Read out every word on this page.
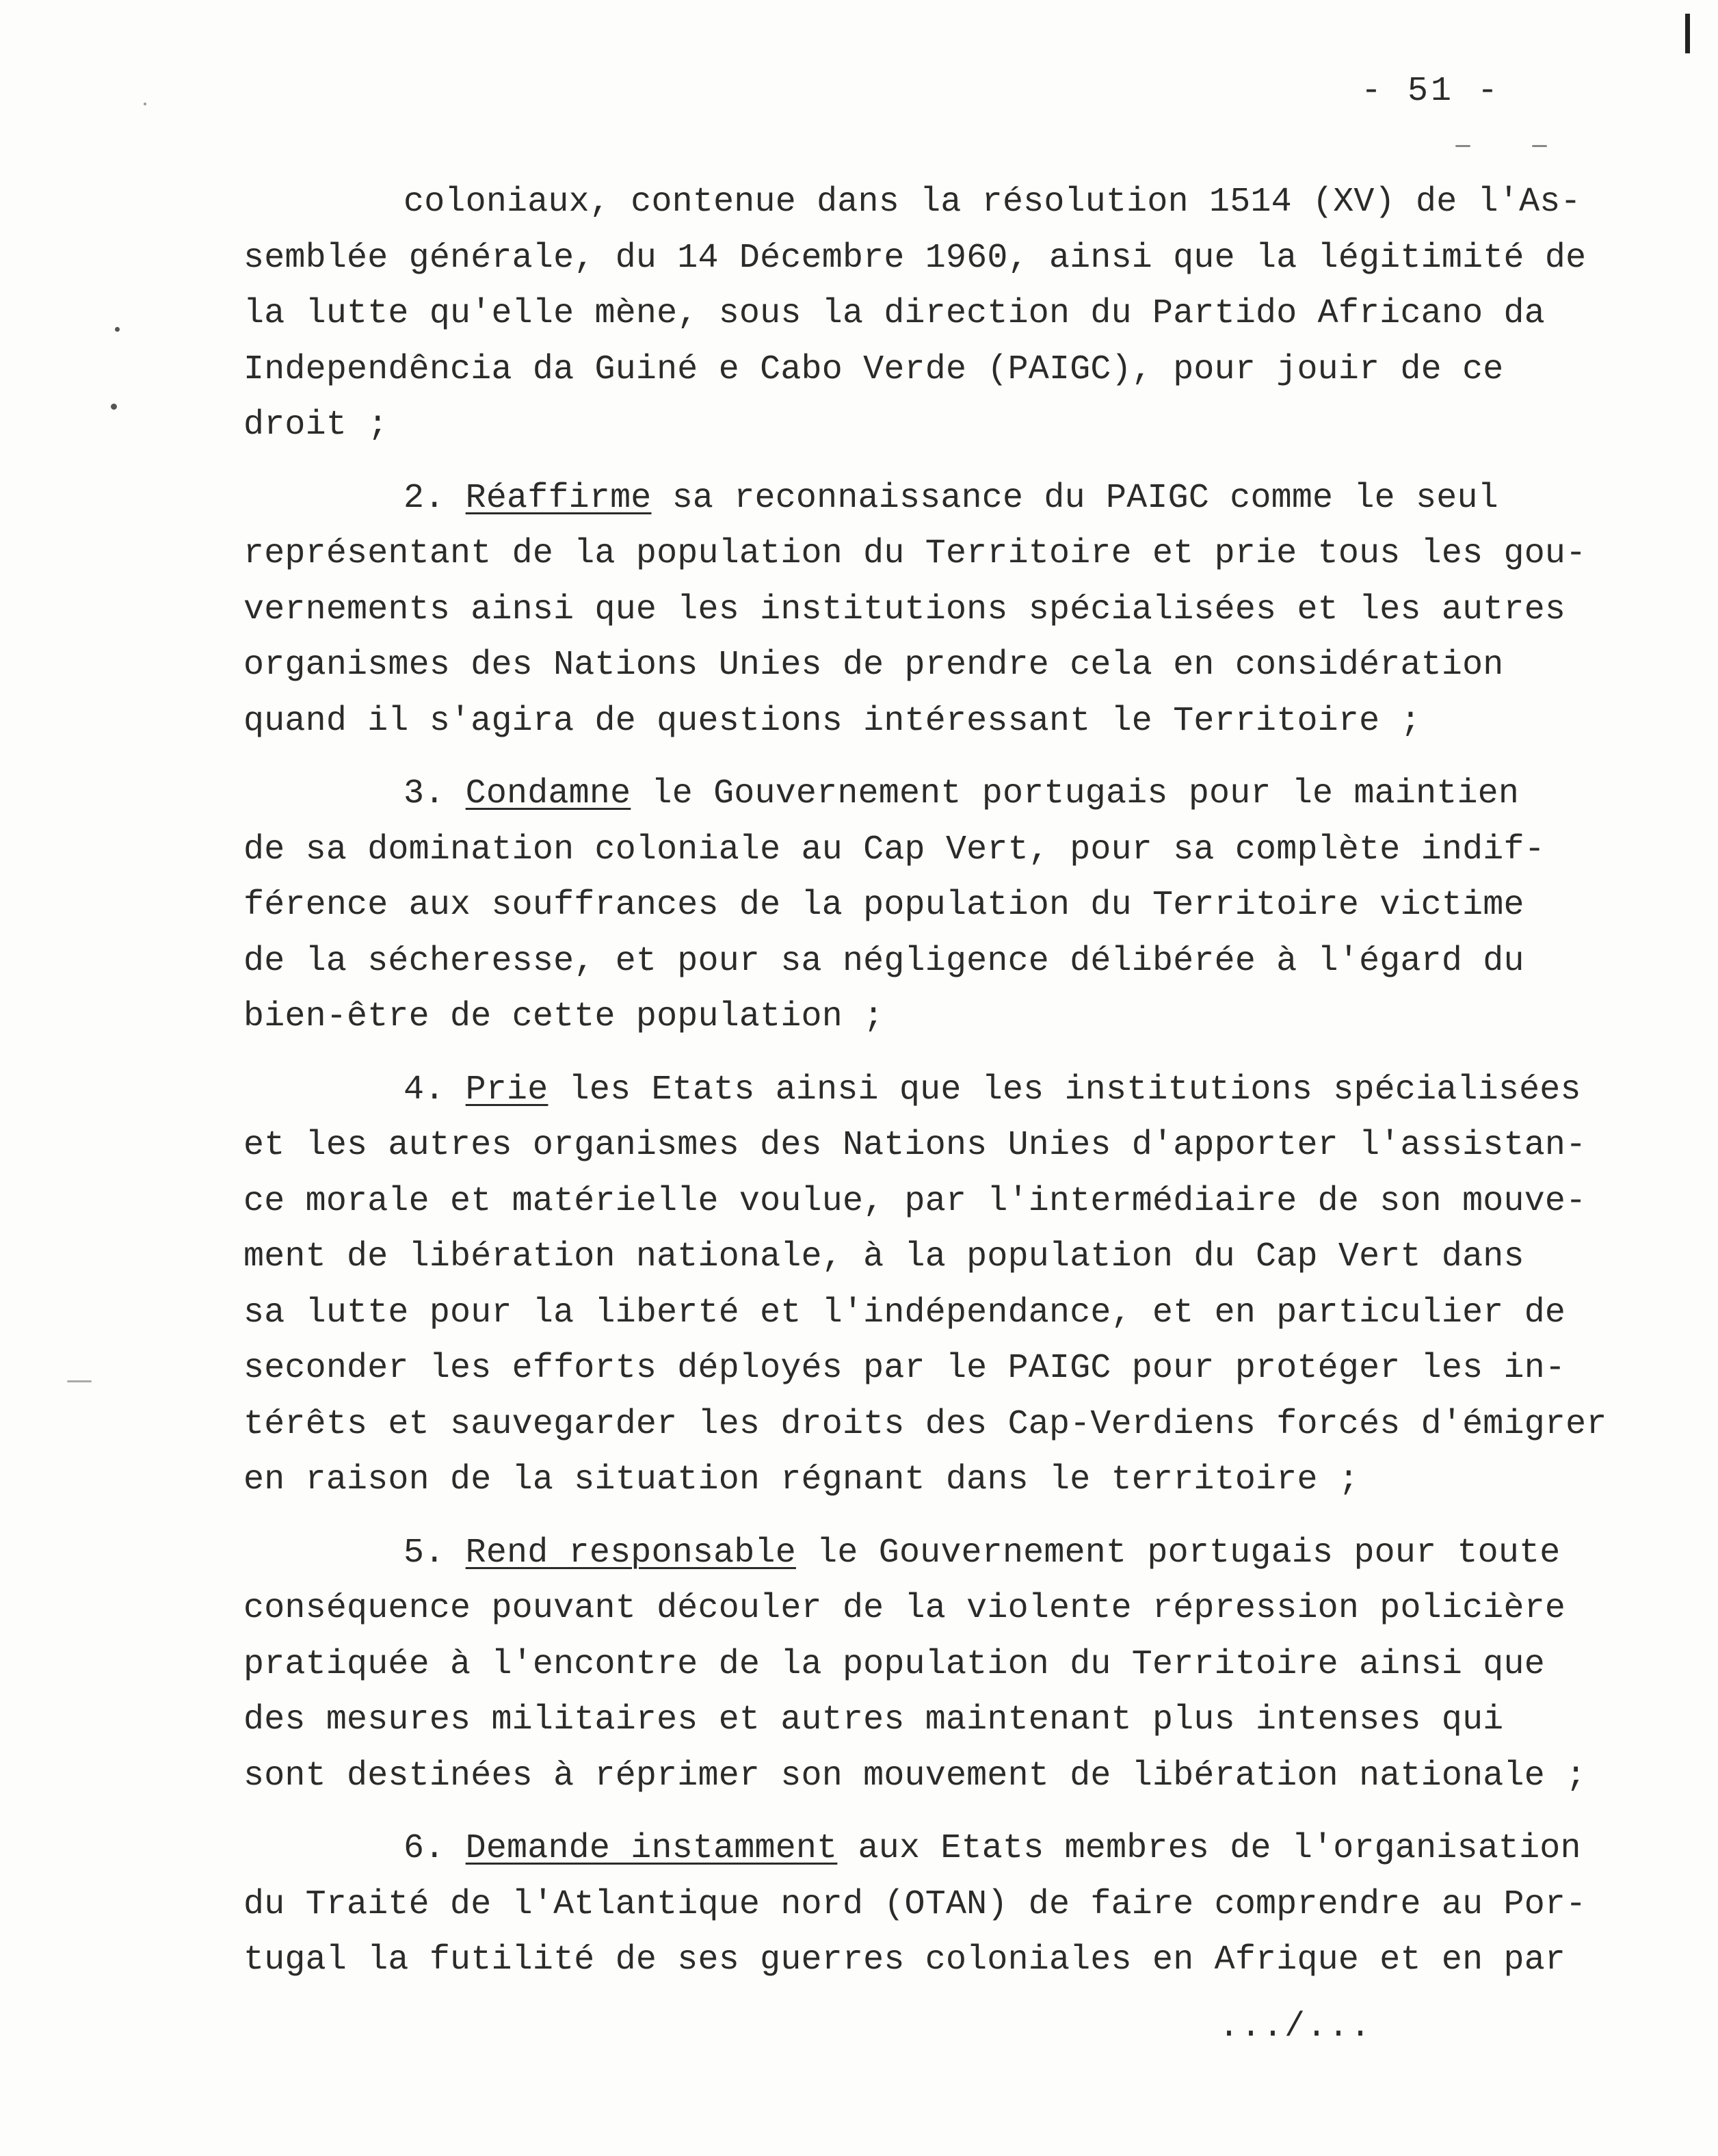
- 51 -
coloniaux, contenue dans la résolution 1514 (XV) de l'As-
semblée générale, du 14 Décembre 1960, ainsi que la légitimité de
la lutte qu'elle mène, sous la direction du Partido Africano da
Independência da Guiné e Cabo Verde (PAIGC), pour jouir de ce
droit ;
2. Réaffirme sa reconnaissance du PAIGC comme le seul
représentant de la population du Territoire et prie tous les gou-
vernements ainsi que les institutions spécialisées et les autres
organismes des Nations Unies de prendre cela en considération
quand il s'agira de questions intéressant le Territoire ;
3. Condamne le Gouvernement portugais pour le maintien
de sa domination coloniale au Cap Vert, pour sa complète indif-
férence aux souffrances de la population du Territoire victime
de la sécheresse, et pour sa négligence délibérée à l'égard du
bien-être de cette population ;
4. Prie les Etats ainsi que les institutions spécialisées
et les autres organismes des Nations Unies d'apporter l'assistan-
ce morale et matérielle voulue, par l'intermédiaire de son mouve-
ment de libération nationale, à la population du Cap Vert dans
sa lutte pour la liberté et l'indépendance, et en particulier de
seconder les efforts déployés par le PAIGC pour protéger les in-
térêts et sauvegarder les droits des Cap-Verdiens forcés d'émigrer
en raison de la situation régnant dans le territoire ;
5. Rend responsable le Gouvernement portugais pour toute
conséquence pouvant découler de la violente répression policière
pratiquée à l'encontre de la population du Territoire ainsi que
des mesures militaires et autres maintenant plus intenses qui
sont destinées à réprimer son mouvement de libération nationale ;
6. Demande instamment aux Etats membres de l'organisation
du Traité de l'Atlantique nord (OTAN) de faire comprendre au Por-
tugal la futilité de ses guerres coloniales en Afrique et en par
.../...
